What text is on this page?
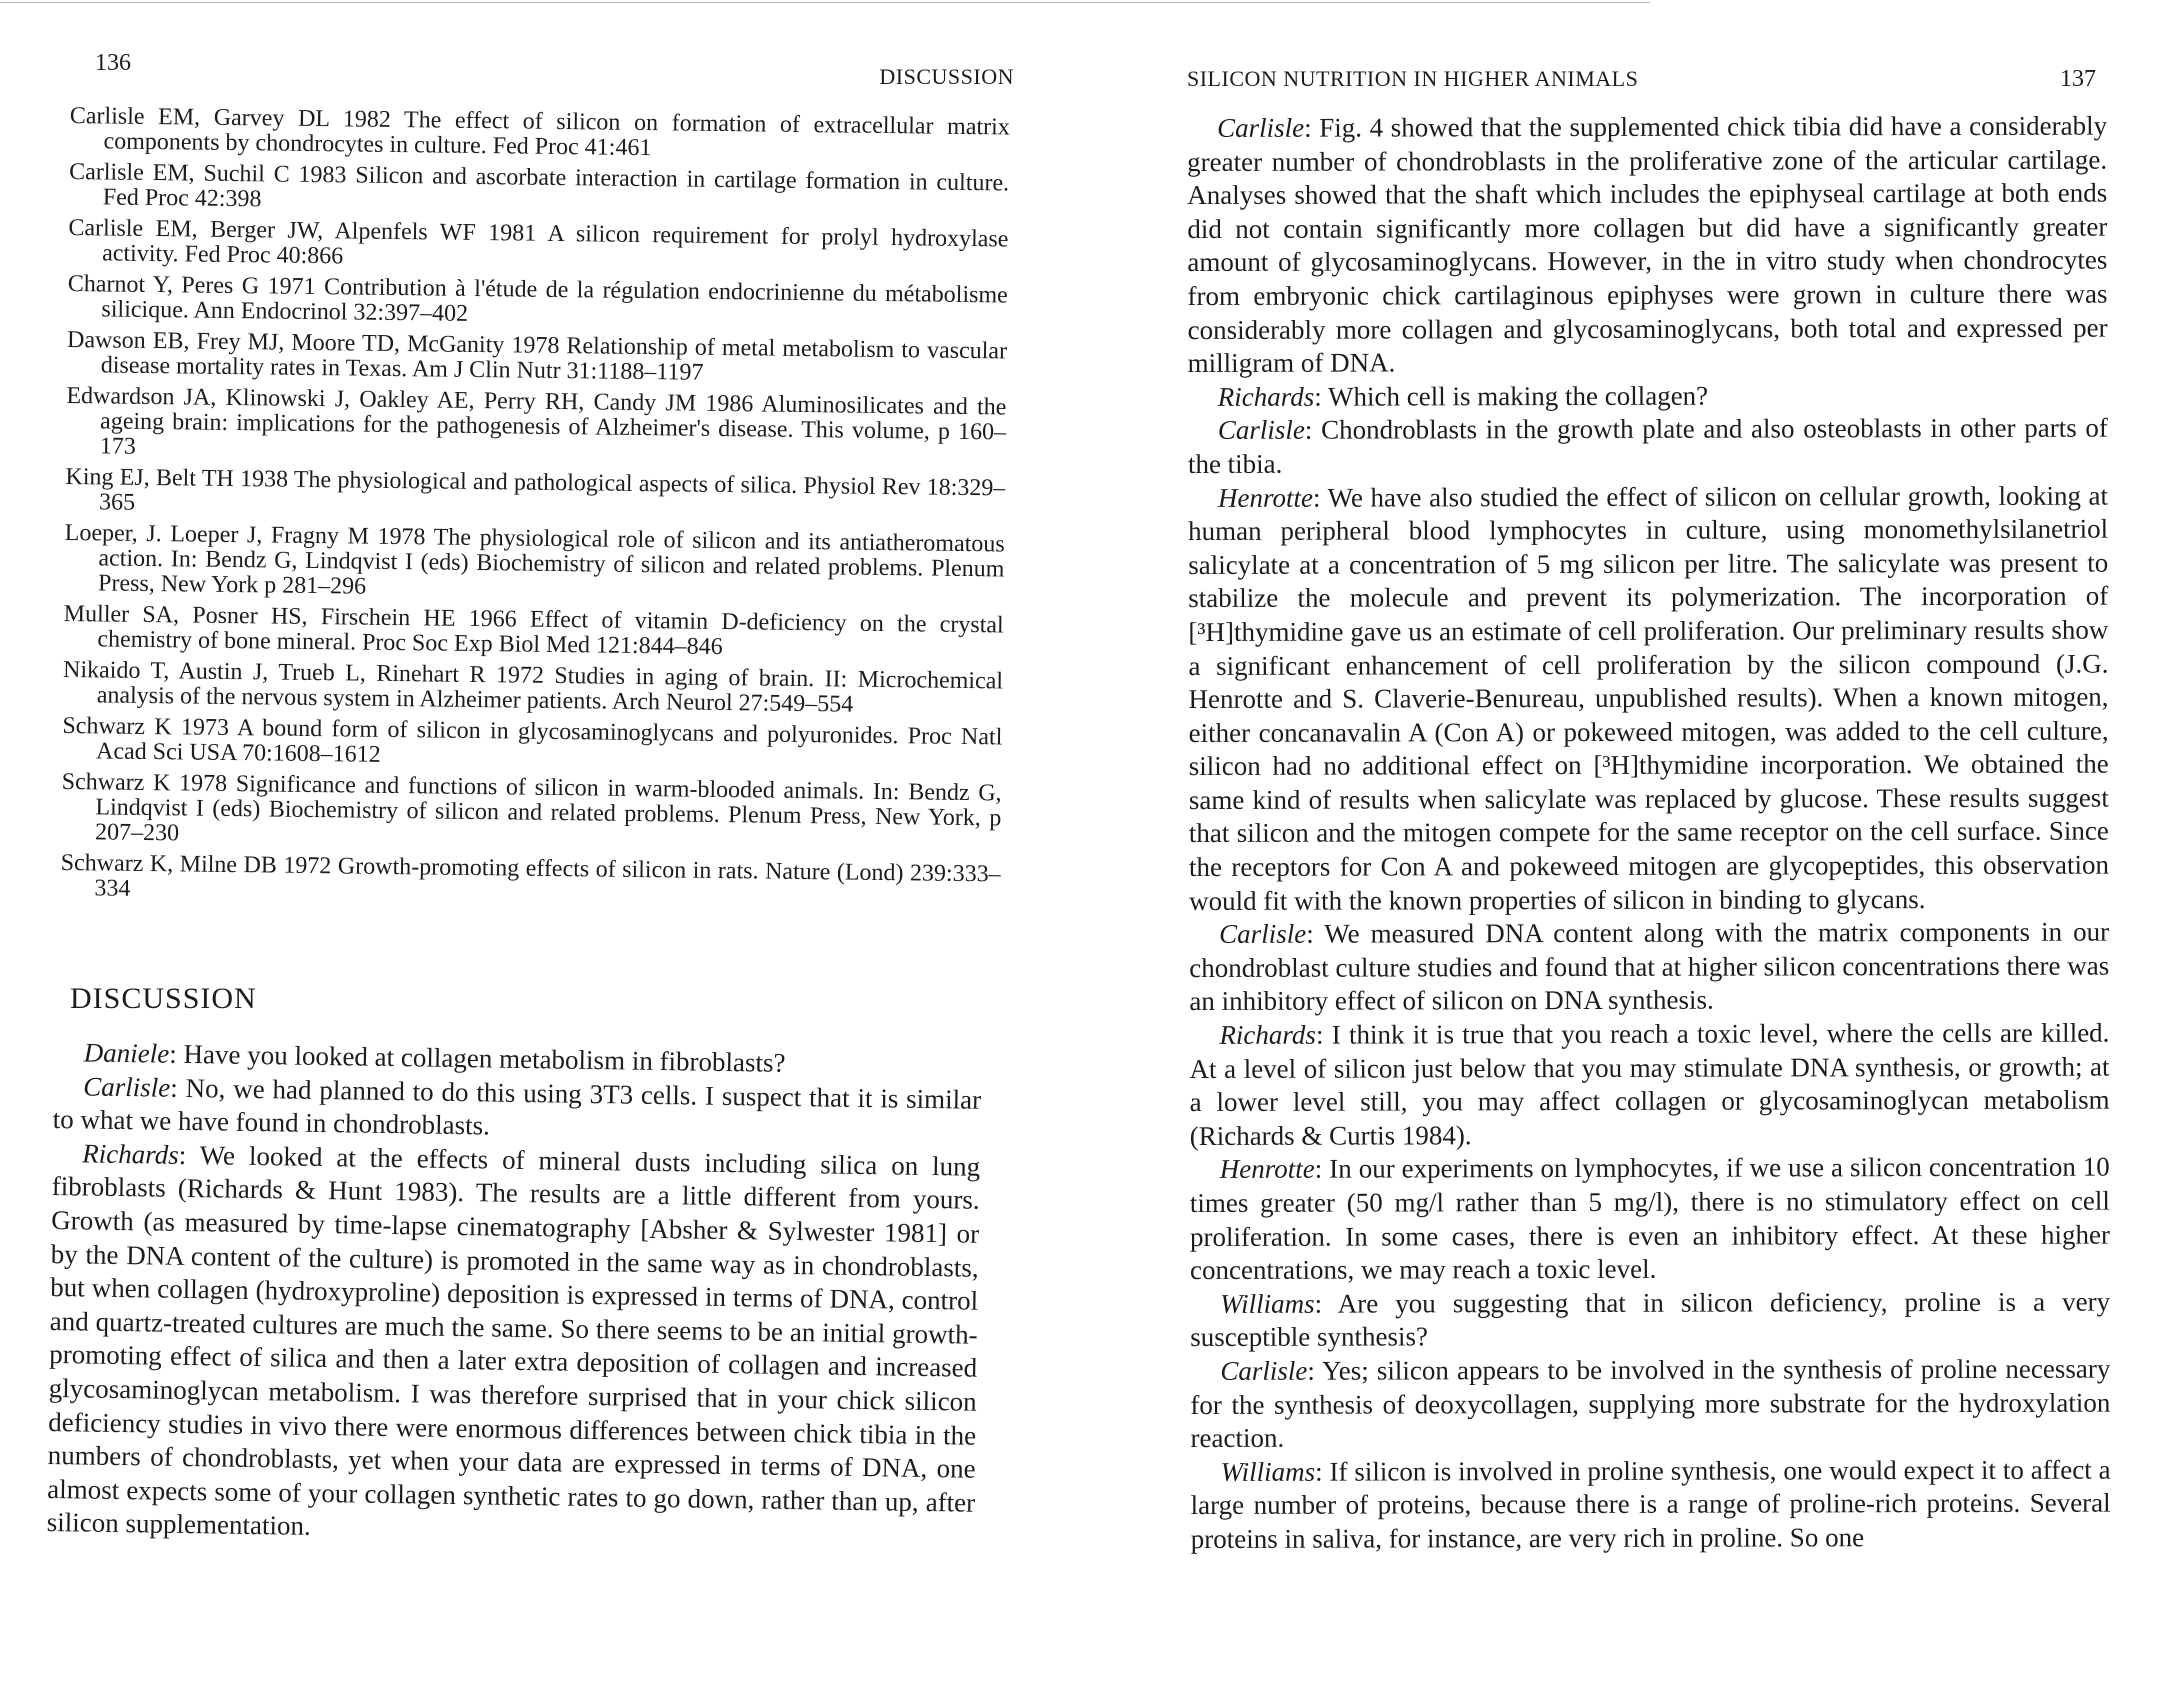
136
DISCUSSION

Carlisle EM, Garvey DL 1982 The effect of silicon on formation of extracellular matrix components by chondrocytes in culture. Fed Proc 41:461

Carlisle EM, Suchil C 1983 Silicon and ascorbate interaction in cartilage formation in culture. Fed Proc 42:398

Carlisle EM, Berger JW, Alpenfels WF 1981 A silicon requirement for prolyl hydroxylase activity. Fed Proc 40:866

Charnot Y, Peres G 1971 Contribution à l'étude de la régulation endocrinienne du métabolisme silicique. Ann Endocrinol 32:397–402

Dawson EB, Frey MJ, Moore TD, McGanity 1978 Relationship of metal metabolism to vascular disease mortality rates in Texas. Am J Clin Nutr 31:1188–1197

Edwardson JA, Klinowski J, Oakley AE, Perry RH, Candy JM 1986 Aluminosilicates and the ageing brain: implications for the pathogenesis of Alzheimer's disease. This volume, p 160–173

King EJ, Belt TH 1938 The physiological and pathological aspects of silica. Physiol Rev 18:329–365

Loeper, J. Loeper J, Fragny M 1978 The physiological role of silicon and its antiatheromatous action. In: Bendz G, Lindqvist I (eds) Biochemistry of silicon and related problems. Plenum Press, New York p 281–296

Muller SA, Posner HS, Firschein HE 1966 Effect of vitamin D-deficiency on the crystal chemistry of bone mineral. Proc Soc Exp Biol Med 121:844–846

Nikaido T, Austin J, Trueb L, Rinehart R 1972 Studies in aging of brain. II: Microchemical analysis of the nervous system in Alzheimer patients. Arch Neurol 27:549–554

Schwarz K 1973 A bound form of silicon in glycosaminoglycans and polyuronides. Proc Natl Acad Sci USA 70:1608–1612

Schwarz K 1978 Significance and functions of silicon in warm-blooded animals. In: Bendz G, Lindqvist I (eds) Biochemistry of silicon and related problems. Plenum Press, New York, p 207–230

Schwarz K, Milne DB 1972 Growth-promoting effects of silicon in rats. Nature (Lond) 239:333–334

DISCUSSION

Daniele: Have you looked at collagen metabolism in fibroblasts?

Carlisle: No, we had planned to do this using 3T3 cells. I suspect that it is similar to what we have found in chondroblasts.

Richards: We looked at the effects of mineral dusts including silica on lung fibroblasts (Richards & Hunt 1983). The results are a little different from yours. Growth (as measured by time-lapse cinematography [Absher & Sylwester 1981] or by the DNA content of the culture) is promoted in the same way as in chondroblasts, but when collagen (hydroxyproline) deposition is expressed in terms of DNA, control and quartz-treated cultures are much the same. So there seems to be an initial growth-promoting effect of silica and then a later extra deposition of collagen and increased glycosaminoglycan metabolism. I was therefore surprised that in your chick silicon deficiency studies in vivo there were enormous differences between chick tibia in the numbers of chondroblasts, yet when your data are expressed in terms of DNA, one almost expects some of your collagen synthetic rates to go down, rather than up, after silicon supplementation.

SILICON NUTRITION IN HIGHER ANIMALS	137

Carlisle: Fig. 4 showed that the supplemented chick tibia did have a considerably greater number of chondroblasts in the proliferative zone of the articular cartilage. Analyses showed that the shaft which includes the epiphyseal cartilage at both ends did not contain significantly more collagen but did have a significantly greater amount of glycosaminoglycans. However, in the in vitro study when chondrocytes from embryonic chick cartilaginous epiphyses were grown in culture there was considerably more collagen and glycosaminoglycans, both total and expressed per milligram of DNA.

Richards: Which cell is making the collagen?

Carlisle: Chondroblasts in the growth plate and also osteoblasts in other parts of the tibia.

Henrotte: We have also studied the effect of silicon on cellular growth, looking at human peripheral blood lymphocytes in culture, using monomethylsilanetriol salicylate at a concentration of 5 mg silicon per litre. The salicylate was present to stabilize the molecule and prevent its polymerization. The incorporation of [³H]thymidine gave us an estimate of cell proliferation. Our preliminary results show a significant enhancement of cell proliferation by the silicon compound (J.G. Henrotte and S. Claverie-Benureau, unpublished results). When a known mitogen, either concanavalin A (Con A) or pokeweed mitogen, was added to the cell culture, silicon had no additional effect on [³H]thymidine incorporation. We obtained the same kind of results when salicylate was replaced by glucose. These results suggest that silicon and the mitogen compete for the same receptor on the cell surface. Since the receptors for Con A and pokeweed mitogen are glycopeptides, this observation would fit with the known properties of silicon in binding to glycans.

Carlisle: We measured DNA content along with the matrix components in our chondroblast culture studies and found that at higher silicon concentrations there was an inhibitory effect of silicon on DNA synthesis.

Richards: I think it is true that you reach a toxic level, where the cells are killed. At a level of silicon just below that you may stimulate DNA synthesis, or growth; at a lower level still, you may affect collagen or glycosaminoglycan metabolism (Richards & Curtis 1984).

Henrotte: In our experiments on lymphocytes, if we use a silicon concentration 10 times greater (50 mg/l rather than 5 mg/l), there is no stimulatory effect on cell proliferation. In some cases, there is even an inhibitory effect. At these higher concentrations, we may reach a toxic level.

Williams: Are you suggesting that in silicon deficiency, proline is a very susceptible synthesis?

Carlisle: Yes; silicon appears to be involved in the synthesis of proline necessary for the synthesis of deoxycollagen, supplying more substrate for the hydroxylation reaction.

Williams: If silicon is involved in proline synthesis, one would expect it to affect a large number of proteins, because there is a range of proline-rich proteins. Several proteins in saliva, for instance, are very rich in proline. So one
